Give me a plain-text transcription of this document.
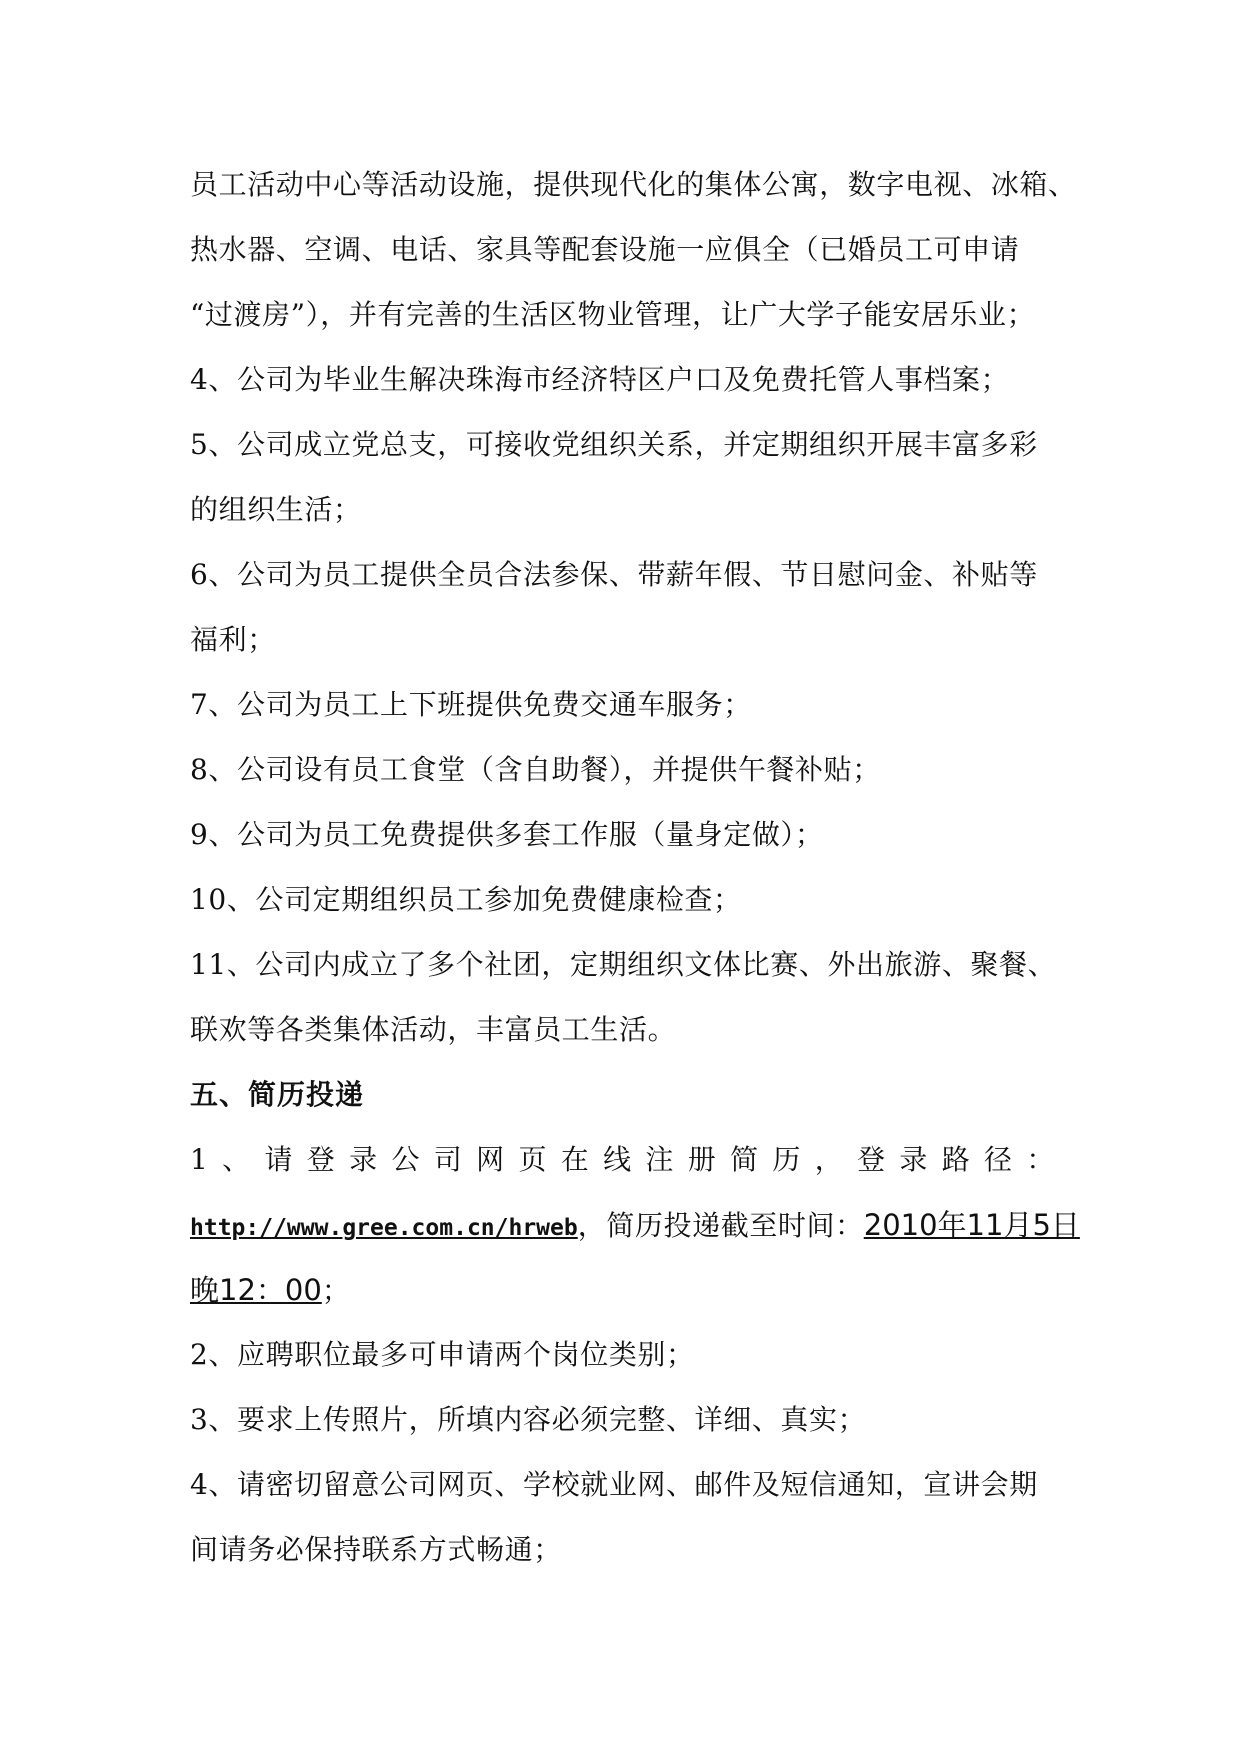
员工活动中心等活动设施，提供现代化的集体公寓，数字电视、冰箱、
热水器、空调、电话、家具等配套设施一应俱全（已婚员工可申请
“过渡房”），并有完善的生活区物业管理，让广大学子能安居乐业；
4、公司为毕业生解决珠海市经济特区户口及免费托管人事档案；
5、公司成立党总支，可接收党组织关系，并定期组织开展丰富多彩
的组织生活；
6、公司为员工提供全员合法参保、带薪年假、节日慰问金、补贴等
福利；
7、公司为员工上下班提供免费交通车服务；
8、公司设有员工食堂（含自助餐），并提供午餐补贴；
9、公司为员工免费提供多套工作服（量身定做）；
10、公司定期组织员工参加免费健康检查；
11、公司内成立了多个社团，定期组织文体比赛、外出旅游、聚餐、
联欢等各类集体活动，丰富员工生活。
五、简历投递
1 、 请 登 录 公 司 网 页 在 线 注 册 简 历 ， 登 录 路 径 ：
http://www.gree.com.cn/hrweb，简历投递截至时间：2010年11月5日
晚12：00；
2、应聘职位最多可申请两个岗位类别；
3、要求上传照片，所填内容必须完整、详细、真实；
4、请密切留意公司网页、学校就业网、邮件及短信通知，宣讲会期
间请务必保持联系方式畅通；
